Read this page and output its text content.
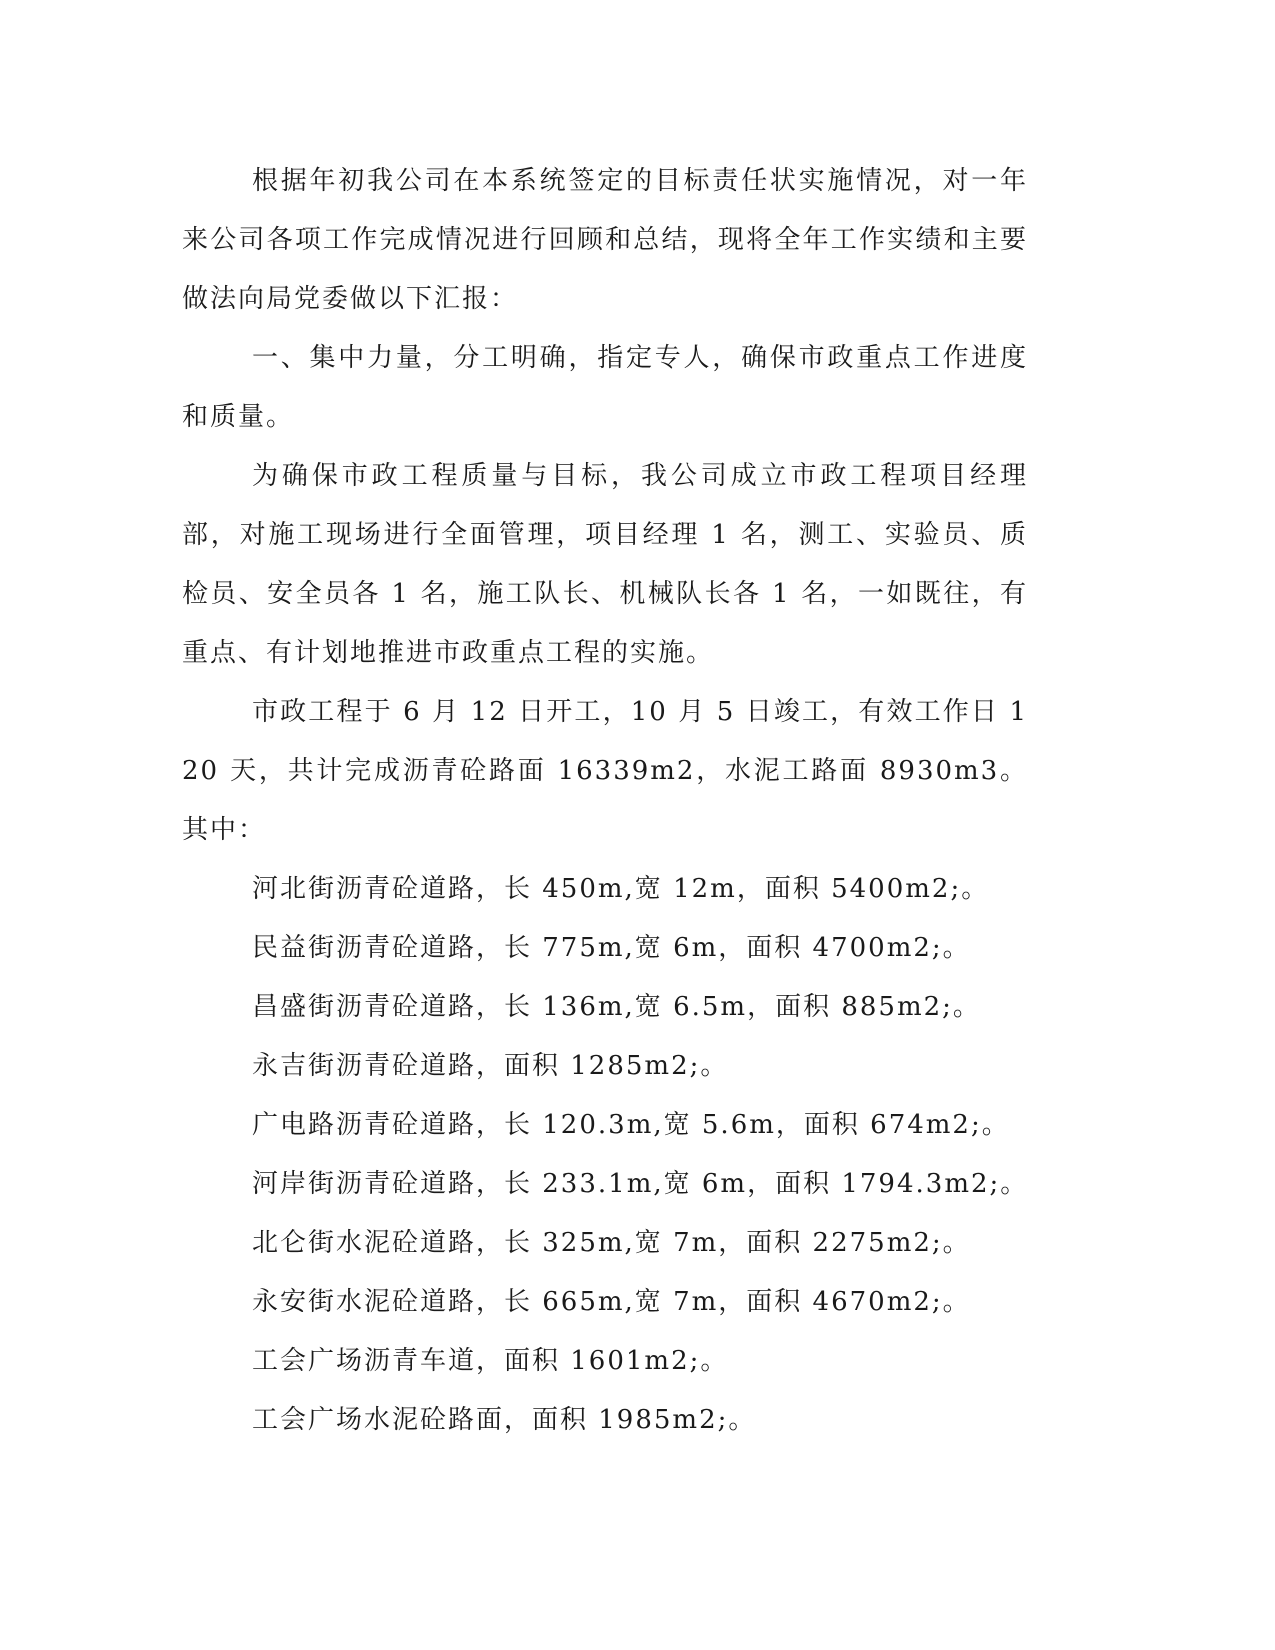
根据年初我公司在本系统签定的目标责任状实施情况，对一年来公司各项工作完成情况进行回顾和总结，现将全年工作实绩和主要做法向局党委做以下汇报：

一、集中力量，分工明确，指定专人，确保市政重点工作进度和质量。

为确保市政工程质量与目标，我公司成立市政工程项目经理部，对施工现场进行全面管理，项目经理 1 名，测工、实验员、质检员、安全员各 1 名，施工队长、机械队长各 1 名，一如既往，有重点、有计划地推进市政重点工程的实施。

市政工程于 6 月 12 日开工，10 月 5 日竣工，有效工作日 120 天，共计完成沥青砼路面 16339m2，水泥工路面 8930m3。其中：

河北街沥青砼道路，长 450m,宽 12m，面积 5400m2;。

民益街沥青砼道路，长 775m,宽 6m，面积 4700m2;。

昌盛街沥青砼道路，长 136m,宽 6.5m，面积 885m2;。

永吉街沥青砼道路，面积 1285m2;。

广电路沥青砼道路，长 120.3m,宽 5.6m，面积 674m2;。

河岸街沥青砼道路，长 233.1m,宽 6m，面积 1794.3m2;。

北仑街水泥砼道路，长 325m,宽 7m，面积 2275m2;。

永安街水泥砼道路，长 665m,宽 7m，面积 4670m2;。

工会广场沥青车道，面积 1601m2;。

工会广场水泥砼路面，面积 1985m2;。
